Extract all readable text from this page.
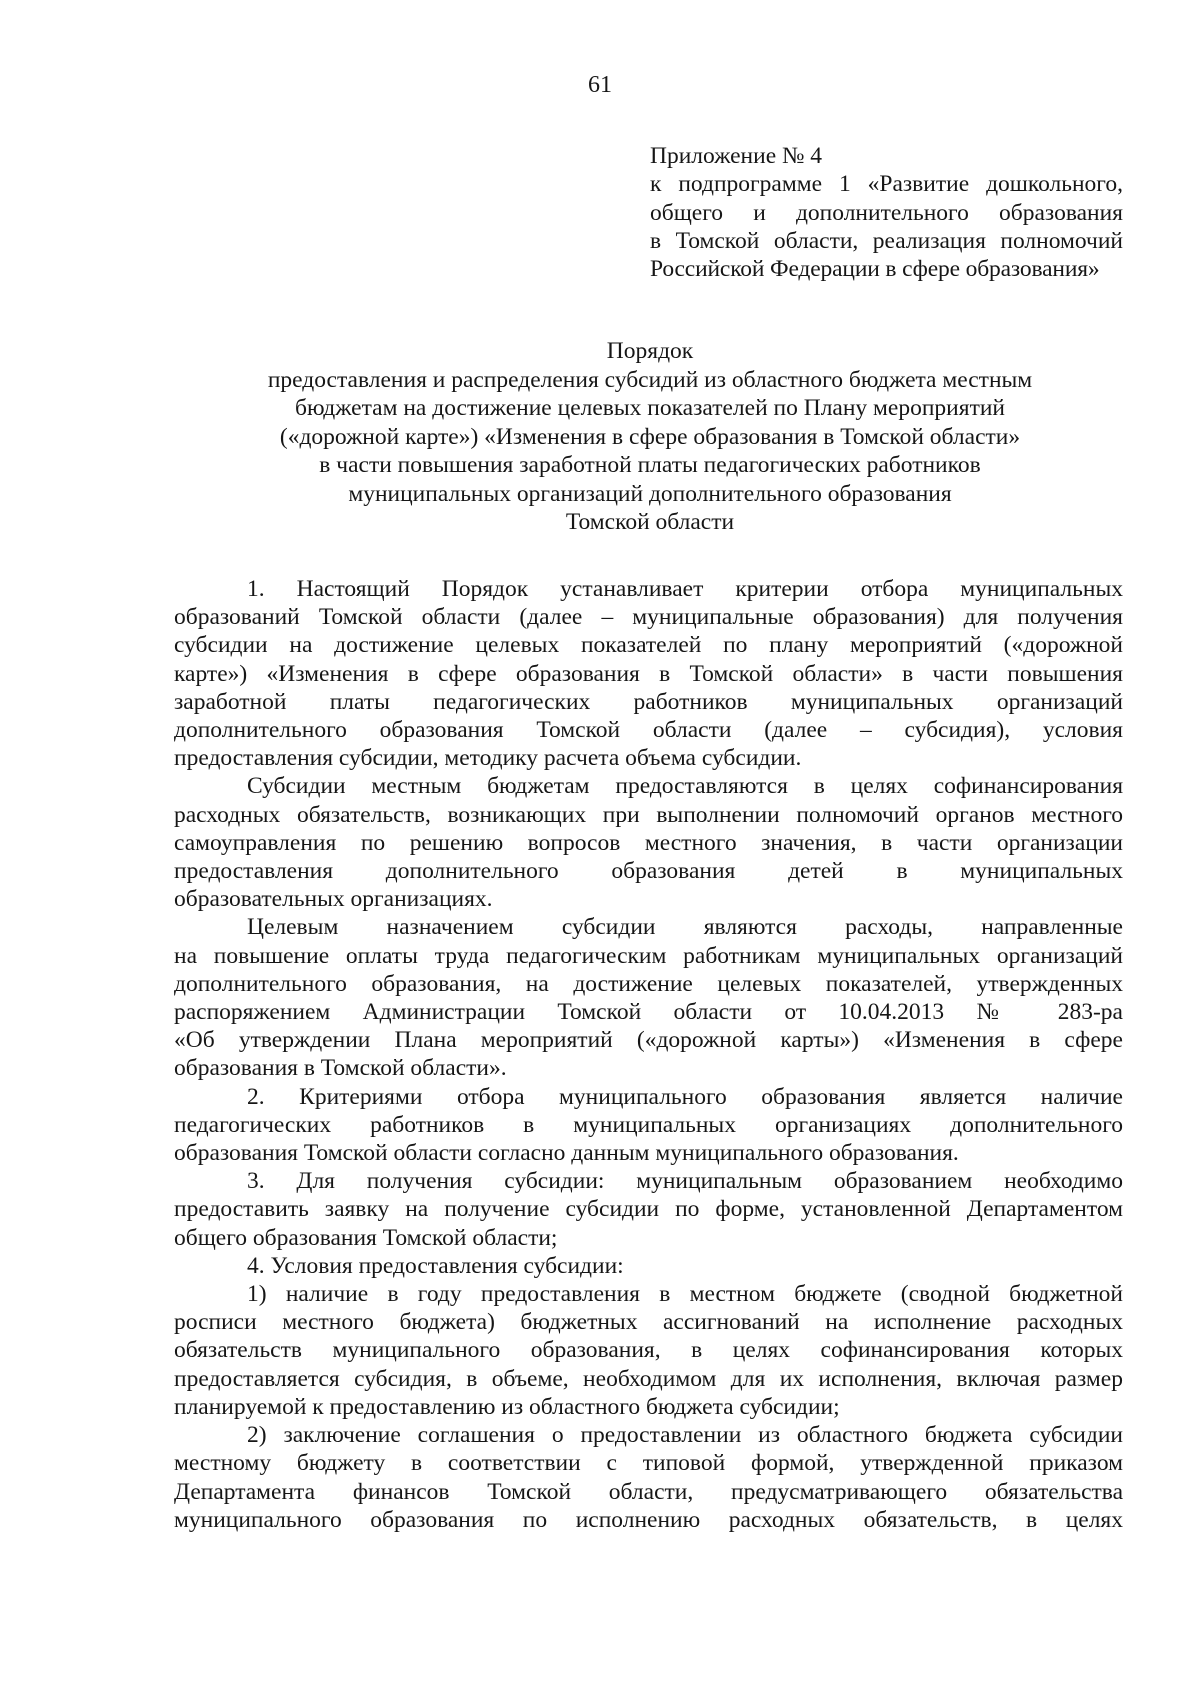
61
Приложение № 4
к подпрограмме 1 «Развитие дошкольного,
общего и дополнительного образования
в Томской области, реализация полномочий
Российской Федерации в сфере образования»
Порядок
предоставления и распределения субсидий из областного бюджета местным
бюджетам на достижение целевых показателей по Плану мероприятий
(«дорожной карте») «Изменения в сфере образования в Томской области»
в части повышения заработной платы педагогических работников
муниципальных организаций дополнительного образования
Томской области
1. Настоящий Порядок устанавливает критерии отбора муниципальных
образований Томской области (далее – муниципальные образования) для получения
субсидии на достижение целевых показателей по плану мероприятий («дорожной
карте») «Изменения в сфере образования в Томской области» в части повышения
заработной платы педагогических работников муниципальных организаций
дополнительного образования Томской области (далее – субсидия), условия
предоставления субсидии, методику расчета объема субсидии.
Субсидии местным бюджетам предоставляются в целях софинансирования
расходных обязательств, возникающих при выполнении полномочий органов местного
самоуправления по решению вопросов местного значения, в части организации
предоставления дополнительного образования детей в муниципальных
образовательных организациях.
Целевым назначением субсидии являются расходы, направленные
на повышение оплаты труда педагогическим работникам муниципальных организаций
дополнительного образования, на достижение целевых показателей, утвержденных
распоряжением Администрации Томской области от 10.04.2013 № 283-ра
«Об утверждении Плана мероприятий («дорожной карты») «Изменения в сфере
образования в Томской области».
2. Критериями отбора муниципального образования является наличие
педагогических работников в муниципальных организациях дополнительного
образования Томской области согласно данным муниципального образования.
3. Для получения субсидии: муниципальным образованием необходимо
предоставить заявку на получение субсидии по форме, установленной Департаментом
общего образования Томской области;
4. Условия предоставления субсидии:
1) наличие в году предоставления в местном бюджете (сводной бюджетной
росписи местного бюджета) бюджетных ассигнований на исполнение расходных
обязательств муниципального образования, в целях софинансирования которых
предоставляется субсидия, в объеме, необходимом для их исполнения, включая размер
планируемой к предоставлению из областного бюджета субсидии;
2) заключение соглашения о предоставлении из областного бюджета субсидии
местному бюджету в соответствии с типовой формой, утвержденной приказом
Департамента финансов Томской области, предусматривающего обязательства
муниципального образования по исполнению расходных обязательств, в целях
